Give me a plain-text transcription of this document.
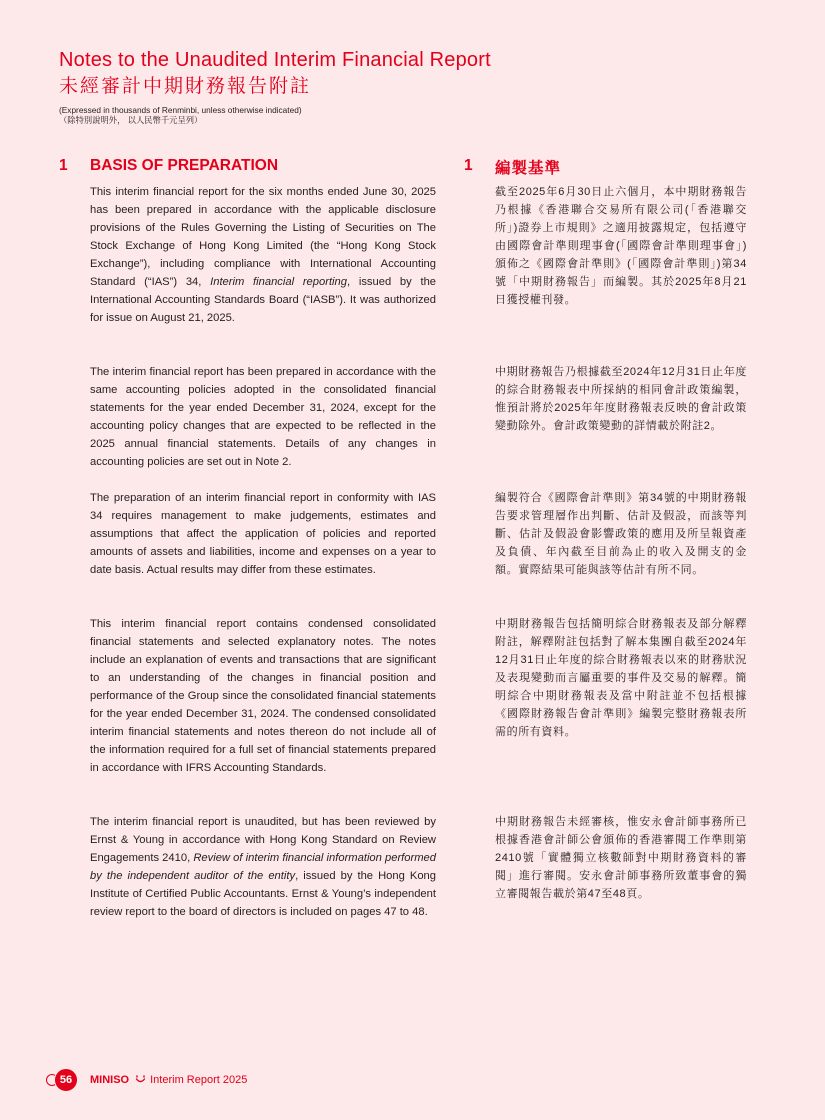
Notes to the Unaudited Interim Financial Report
未經審計中期財務報告附註
(Expressed in thousands of Renminbi, unless otherwise indicated)
（除特別說明外， 以人民幣千元呈列）
1 BASIS OF PREPARATION	1 編製基準

This interim financial report for the six months ended June 30, 2025 has been prepared in accordance with the applicable disclosure provisions of the Rules Governing the Listing of Securities on The Stock Exchange of Hong Kong Limited (the “Hong Kong Stock Exchange”), including compliance with International Accounting Standard (“IAS”) 34, Interim financial reporting, issued by the International Accounting Standards Board (“IASB”). It was authorized for issue on August 21, 2025.

The interim financial report has been prepared in accordance with the same accounting policies adopted in the consolidated financial statements for the year ended December 31, 2024, except for the accounting policy changes that are expected to be reflected in the 2025 annual financial statements. Details of any changes in accounting policies are set out in Note 2.

The preparation of an interim financial report in conformity with IAS 34 requires management to make judgements, estimates and assumptions that affect the application of policies and reported amounts of assets and liabilities, income and expenses on a year to date basis. Actual results may differ from these estimates.

This interim financial report contains condensed consolidated financial statements and selected explanatory notes. The notes include an explanation of events and transactions that are significant to an understanding of the changes in financial position and performance of the Group since the consolidated financial statements for the year ended December 31, 2024. The condensed consolidated interim financial statements and notes thereon do not include all of the information required for a full set of financial statements prepared in accordance with IFRS Accounting Standards.

The interim financial report is unaudited, but has been reviewed by Ernst & Young in accordance with Hong Kong Standard on Review Engagements 2410, Review of interim financial information performed by the independent auditor of the entity, issued by the Hong Kong Institute of Certified Public Accountants. Ernst & Young’s independent review report to the board of directors is included on pages 47 to 48.

截至2025年6月30日止六個月，本中期財務報告乃根據《香港聯合交易所有限公司(「香港聯交所」)證券上市規則》之適用披露規定，包括遵守由國際會計準則理事會(「國際會計準則理事會」)頒佈之《國際會計準則》(「國際會計準則」)第34號「中期財務報告」而編製。其於2025年8月21日獲授權刊發。

中期財務報告乃根據截至2024年12月31日止年度的綜合財務報表中所採納的相同會計政策編製，惟預計將於2025年年度財務報表反映的會計政策變動除外。會計政策變動的詳情載於附註2。

編製符合《國際會計準則》第34號的中期財務報告要求管理層作出判斷、估計及假設，而該等判斷、估計及假設會影響政策的應用及所呈報資產及負債、年內截至目前為止的收入及開支的金額。實際結果可能與該等估計有所不同。

中期財務報告包括簡明綜合財務報表及部分解釋附註，解釋附註包括對了解本集團自截至2024年12月31日止年度的綜合財務報表以來的財務狀況及表現變動而言屬重要的事件及交易的解釋。簡明綜合中期財務報表及當中附註並不包括根據《國際財務報告會計準則》編製完整財務報表所需的所有資料。

中期財務報告未經審核，惟安永會計師事務所已根據香港會計師公會頒佈的香港審閱工作準則第2410號「實體獨立核數師對中期財務資料的審閱」進行審閱。安永會計師事務所致董事會的獨立審閱報告載於第47至48頁。

56	MINISO Interim Report 2025
